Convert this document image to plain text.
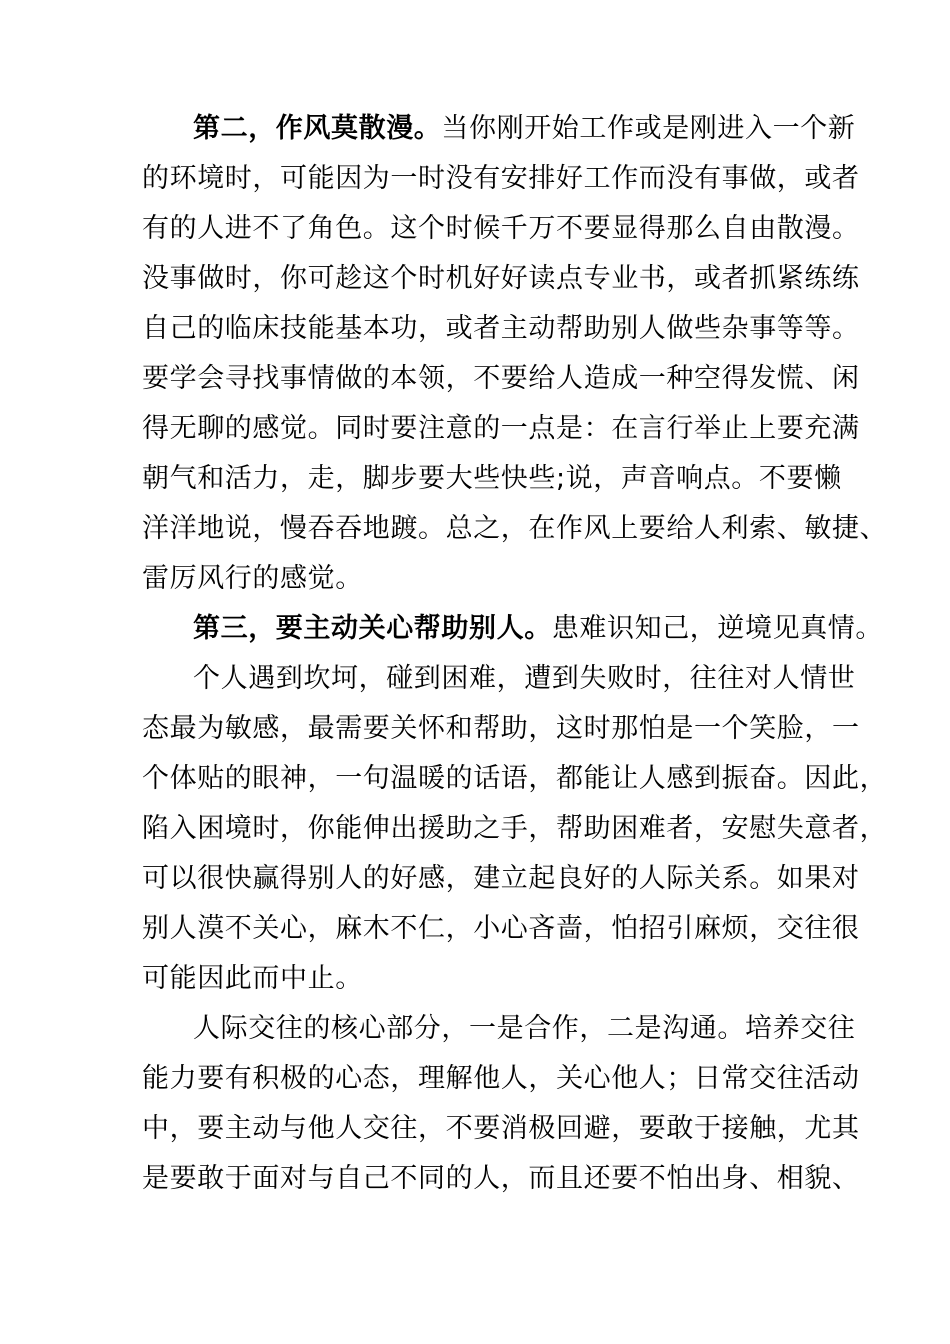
第二，作风莫散漫。当你刚开始工作或是刚进入一个新
的环境时，可能因为一时没有安排好工作而没有事做，或者
有的人进不了角色。这个时候千万不要显得那么自由散漫。
没事做时，你可趁这个时机好好读点专业书，或者抓紧练练
自己的临床技能基本功，或者主动帮助别人做些杂事等等。
要学会寻找事情做的本领，不要给人造成一种空得发慌、闲
得无聊的感觉。同时要注意的一点是：在言行举止上要充满
朝气和活力，走，脚步要大些快些;说，声音响点。不要懒
洋洋地说，慢吞吞地踱。总之，在作风上要给人利索、敏捷、
雷厉风行的感觉。
第三，要主动关心帮助别人。患难识知己，逆境见真情。
个人遇到坎坷，碰到困难，遭到失败时，往往对人情世
态最为敏感，最需要关怀和帮助，这时那怕是一个笑脸，一
个体贴的眼神，一句温暖的话语，都能让人感到振奋。因此，
陷入困境时，你能伸出援助之手，帮助困难者，安慰失意者，
可以很快赢得别人的好感，建立起良好的人际关系。如果对
别人漠不关心，麻木不仁，小心吝啬，怕招引麻烦，交往很
可能因此而中止。
人际交往的核心部分，一是合作，二是沟通。培养交往
能力要有积极的心态，理解他人，关心他人；日常交往活动
中，要主动与他人交往，不要消极回避，要敢于接触，尤其
是要敢于面对与自己不同的人，而且还要不怕出身、相貌、
